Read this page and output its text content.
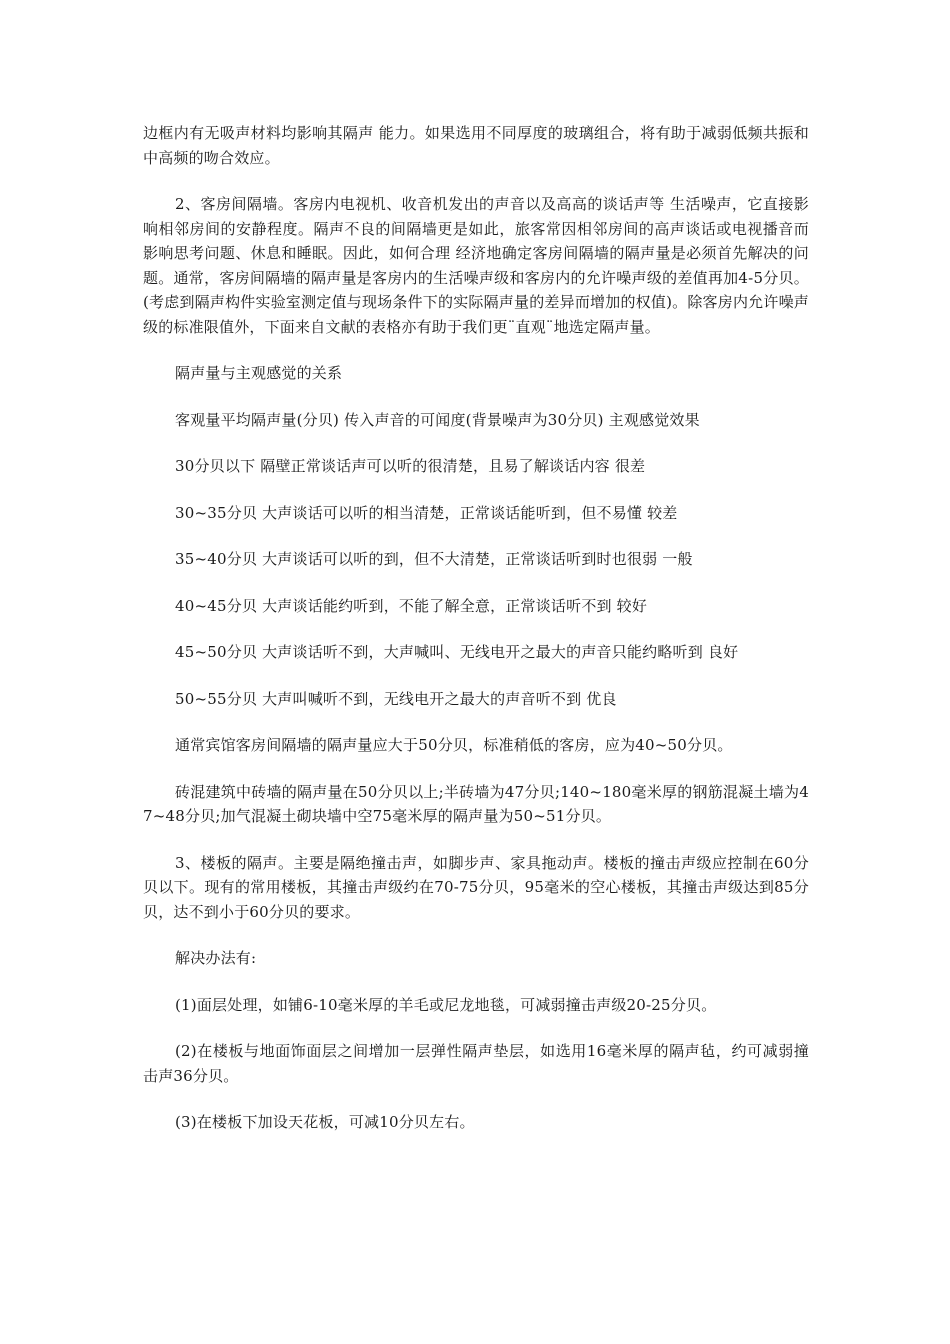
边框内有无吸声材料均影响其隔声 能力。如果选用不同厚度的玻璃组合，将有助于减弱低频共振和中高频的吻合效应。

2、客房间隔墙。客房内电视机、收音机发出的声音以及高高的谈话声等 生活噪声，它直接影响相邻房间的安静程度。隔声不良的间隔墙更是如此，旅客常因相邻房间的高声谈话或电视播音而影响思考问题、休息和睡眠。因此，如何合理 经济地确定客房间隔墙的隔声量是必须首先解决的问题。通常，客房间隔墙的隔声量是客房内的生活噪声级和客房内的允许噪声级的差值再加4-5分贝。(考虑到隔声构件实验室测定值与现场条件下的实际隔声量的差异而增加的权值)。除客房内允许噪声级的标准限值外，下面来自文献的表格亦有助于我们更¨直观¨地选定隔声量。

隔声量与主观感觉的关系

客观量平均隔声量(分贝) 传入声音的可闻度(背景噪声为30分贝) 主观感觉效果

30分贝以下 隔壁正常谈话声可以听的很清楚，且易了解谈话内容 很差

30~35分贝 大声谈话可以听的相当清楚，正常谈话能听到，但不易懂 较差

35~40分贝 大声谈话可以听的到，但不大清楚，正常谈话听到时也很弱 一般

40~45分贝 大声谈话能约听到，不能了解全意，正常谈话听不到 较好

45~50分贝 大声谈话听不到，大声喊叫、无线电开之最大的声音只能约略听到 良好

50~55分贝 大声叫喊听不到，无线电开之最大的声音听不到 优良

通常宾馆客房间隔墙的隔声量应大于50分贝，标准稍低的客房，应为40~50分贝。

砖混建筑中砖墙的隔声量在50分贝以上;半砖墙为47分贝;140~180毫米厚的钢筋混凝土墙为47~48分贝;加气混凝土砌块墙中空75毫米厚的隔声量为50~51分贝。

3、楼板的隔声。主要是隔绝撞击声，如脚步声、家具拖动声。楼板的撞击声级应控制在60分贝以下。现有的常用楼板，其撞击声级约在70-75分贝，95毫米的空心楼板，其撞击声级达到85分贝，达不到小于60分贝的要求。

解决办法有:

(1)面层处理，如铺6-10毫米厚的羊毛或尼龙地毯，可减弱撞击声级20-25分贝。

(2)在楼板与地面饰面层之间增加一层弹性隔声垫层，如选用16毫米厚的隔声毡，约可减弱撞击声36分贝。

(3)在楼板下加设天花板，可减10分贝左右。
